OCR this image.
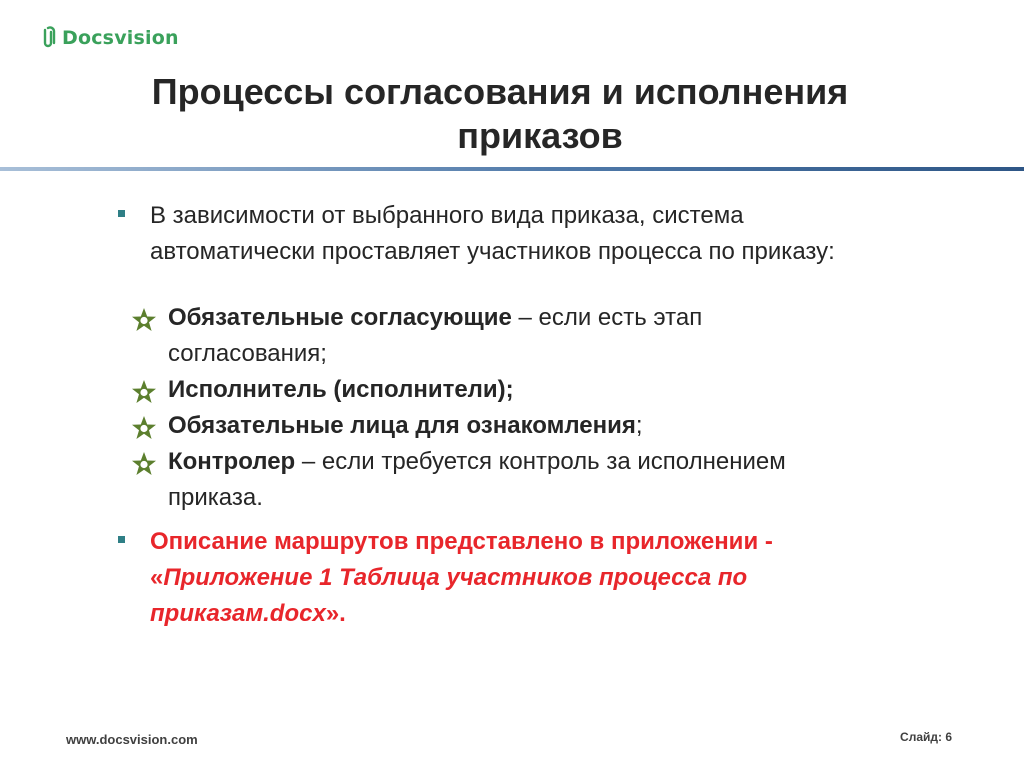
Docsvision
Процессы согласования и исполнения
приказов
В зависимости от выбранного вида приказа, система
автоматически проставляет участников процесса по приказу:
Обязательные согласующие – если есть этап
согласования;
Исполнитель (исполнители);
Обязательные лица для ознакомления;
Контролер – если требуется контроль за исполнением
приказа.
Описание маршрутов представлено в приложении -
«Приложение 1 Таблица участников процесса по
приказам.docx».
www.docsvision.com	Слайд: 6
